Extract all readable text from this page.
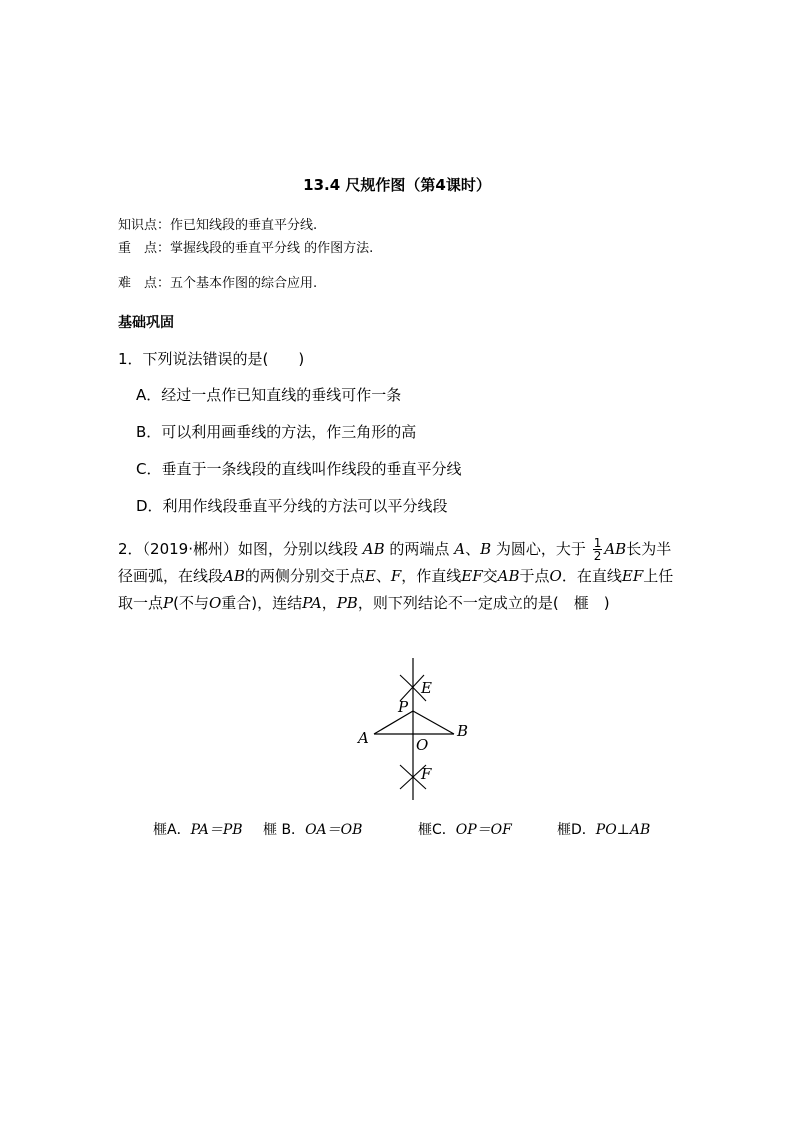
13.4 尺规作图（第4课时）
知识点：作已知线段的垂直平分线.
重　点：掌握线段的垂直平分线 的作图方法.
难　点：五个基本作图的综合应用.
基础巩固
1．下列说法错误的是(　　)
A．经过一点作已知直线的垂线可作一条
B．可以利用画垂线的方法，作三角形的高
C．垂直于一条线段的直线叫作线段的垂直平分线
D．利用作线段垂直平分线的方法可以平分线段
2．（2019·郴州）如图，分别以线段 AB 的两端点 A、B 为圆心，大于 $\frac{1}{2}$ AB长为半径画弧，在线段AB的两侧分别交于点E、F，作直线EF交AB于点O．在直线EF上任取一点P(不与O重合)，连结PA，PB，则下列结论不一定成立的是(　榧　)
E
P
A	B
O
F
榧A．PA＝PB 榧 B．OA＝OB	榧C．OP＝OF	榧D．PO⊥AB
